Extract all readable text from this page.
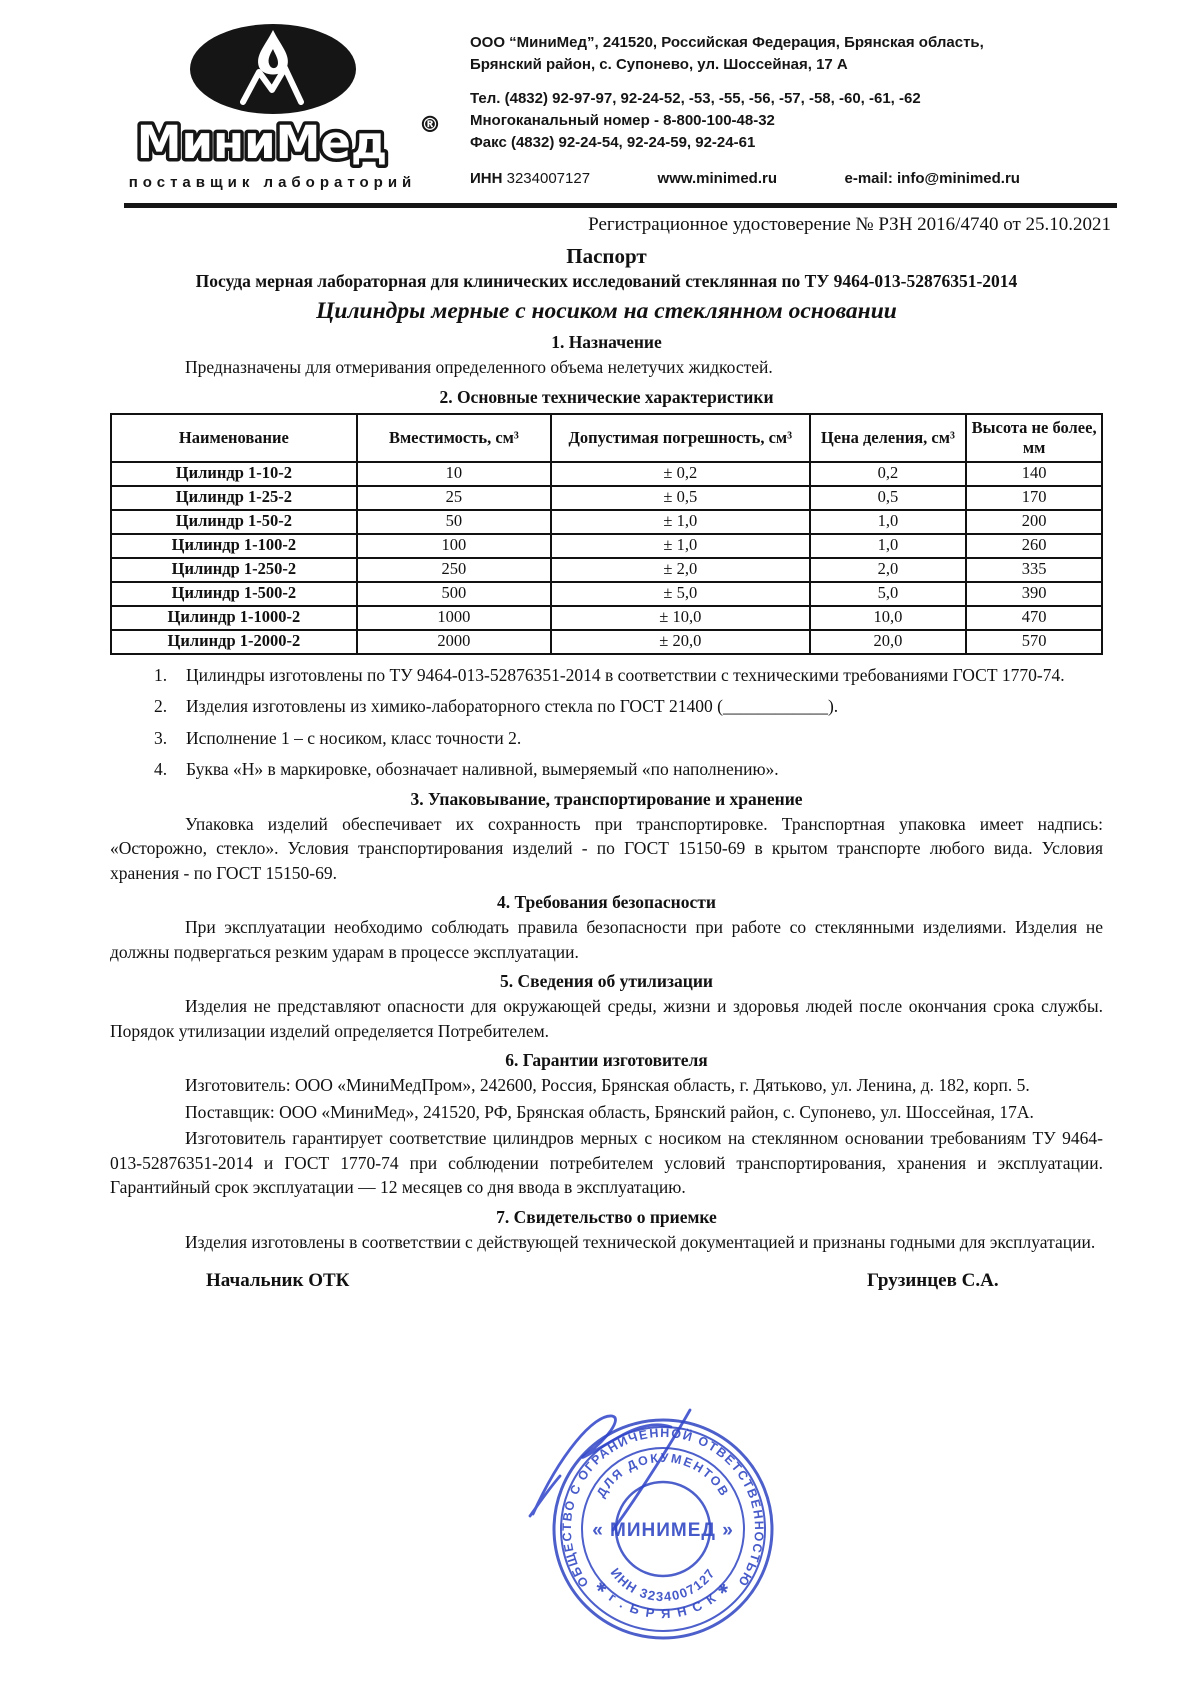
МиниМед ®
поставщик лабораторий
ООО “МиниМед”, 241520, Российская Федерация, Брянская область,
Брянский район, с. Супонево, ул. Шоссейная, 17 А
Тел. (4832) 92-97-97, 92-24-52, -53, -55, -56, -57, -58, -60, -61, -62
Многоканальный номер - 8-800-100-48-32
Факс (4832) 92-24-54, 92-24-59, 92-24-61
ИНН 3234007127	www.minimed.ru	e-mail: info@minimed.ru
Регистрационное удостоверение № РЗН 2016/4740 от 25.10.2021
Паспорт
Посуда мерная лабораторная для клинических исследований стеклянная по ТУ 9464-013-52876351-2014
Цилиндры мерные с носиком на стеклянном основании
1. Назначение

Предназначены для отмеривания определенного объема нелетучих жидкостей.

2. Основные технические характеристики
Наименование	Вместимость, см³	Допустимая погрешность, см³	Цена деления, см³	Высота не более, мм
Цилиндр 1-10-2	10	± 0,2	0,2	140
Цилиндр 1-25-2	25	± 0,5	0,5	170
Цилиндр 1-50-2	50	± 1,0	1,0	200
Цилиндр 1-100-2	100	± 1,0	1,0	260
Цилиндр 1-250-2	250	± 2,0	2,0	335
Цилиндр 1-500-2	500	± 5,0	5,0	390
Цилиндр 1-1000-2	1000	± 10,0	10,0	470
Цилиндр 1-2000-2	2000	± 20,0	20,0	570
Цилиндры изготовлены по ТУ 9464-013-52876351-2014 в соответствии с техническими требованиями ГОСТ 1770-74.
Изделия изготовлены из химико-лабораторного стекла по ГОСТ 21400 (____________).
Исполнение 1 – с носиком, класс точности 2.
Буква «Н» в маркировке, обозначает наливной, вымеряемый «по наполнению».
3. Упаковывание, транспортирование и хранение

Упаковка изделий обеспечивает их сохранность при транспортировке. Транспортная упаковка имеет надпись: «Осторожно, стекло». Условия транспортирования изделий - по ГОСТ 15150-69 в крытом транспорте любого вида. Условия хранения - по ГОСТ 15150-69.

4. Требования безопасности

При эксплуатации необходимо соблюдать правила безопасности при работе со стеклянными изделиями. Изделия не должны подвергаться резким ударам в процессе эксплуатации.

5. Сведения об утилизации

Изделия не представляют опасности для окружающей среды, жизни и здоровья людей после окончания срока службы. Порядок утилизации изделий определяется Потребителем.

6. Гарантии изготовителя

Изготовитель: ООО «МиниМедПром», 242600, Россия, Брянская область, г. Дятьково, ул. Ленина, д. 182, корп. 5.

Поставщик: ООО «МиниМед», 241520, РФ, Брянская область, Брянский район, с. Супонево, ул. Шоссейная, 17А.

Изготовитель гарантирует соответствие цилиндров мерных с носиком на стеклянном основании требованиям ТУ 9464-013-52876351-2014 и ГОСТ 1770-74 при соблюдении потребителем условий транспортирования, хранения и эксплуатации. Гарантийный срок эксплуатации — 12 месяцев со дня ввода в эксплуатацию.

7. Свидетельство о приемке

Изделия изготовлены в соответствии с действующей технической документацией и признаны годными для эксплуатации.

Начальник ОТК	Грузинцев С.А.
ОБЩЕСТВО С ОГРАНИЧЕННОЙ ОТВЕТСТВЕННОСТЬЮ
✱ г . Б Р Я Н С К ✱
ДЛЯ ДОКУМЕНТОВ
ИНН 3234007127
« МИНИМЕД »
